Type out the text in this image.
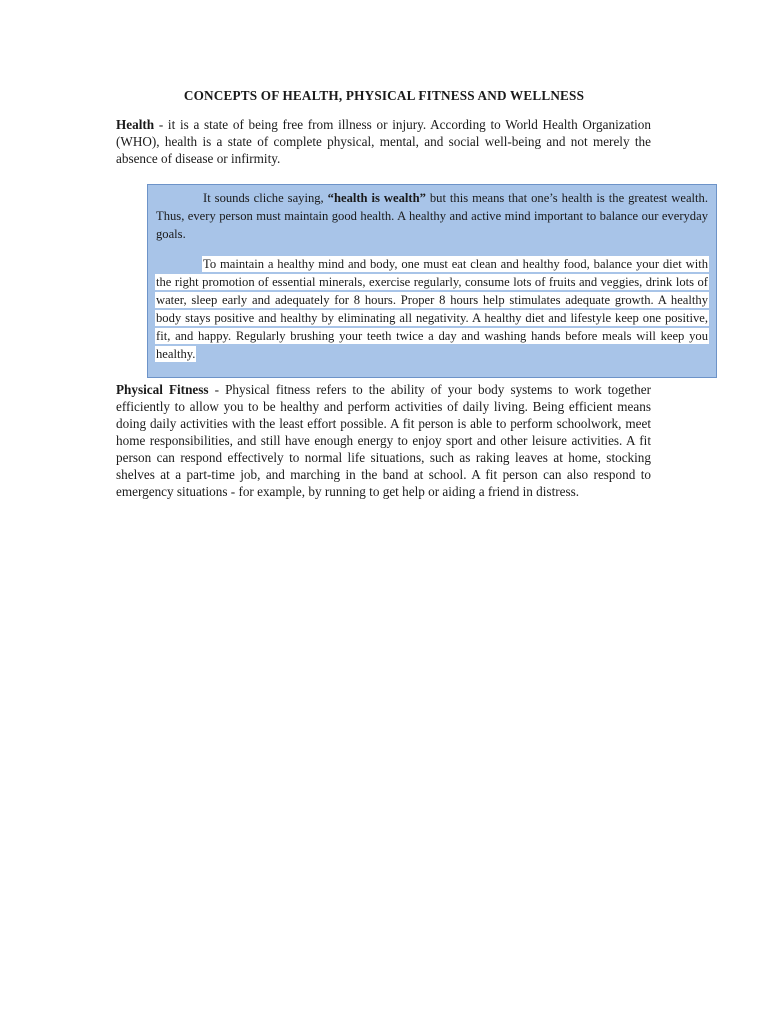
CONCEPTS OF HEALTH, PHYSICAL FITNESS AND WELLNESS

Health - it is a state of being free from illness or injury. According to World Health Organization (WHO), health is a state of complete physical, mental, and social well-being and not merely the absence of disease or infirmity.

It sounds cliche saying, “health is wealth” but this means that one’s health is the greatest wealth. Thus, every person must maintain good health. A healthy and active mind important to balance our everyday goals.

To maintain a healthy mind and body, one must eat clean and healthy food, balance your diet with the right promotion of essential minerals, exercise regularly, consume lots of fruits and veggies, drink lots of water, sleep early and adequately for 8 hours. Proper 8 hours help stimulates adequate growth. A healthy body stays positive and healthy by eliminating all negativity. A healthy diet and lifestyle keep one positive, fit, and happy. Regularly brushing your teeth twice a day and washing hands before meals will keep you healthy.

Physical Fitness - Physical fitness refers to the ability of your body systems to work together efficiently to allow you to be healthy and perform activities of daily living. Being efficient means doing daily activities with the least effort possible. A fit person is able to perform schoolwork, meet home responsibilities, and still have enough energy to enjoy sport and other leisure activities. A fit person can respond effectively to normal life situations, such as raking leaves at home, stocking shelves at a part-time job, and marching in the band at school. A fit person can also respond to emergency situations - for example, by running to get help or aiding a friend in distress.
